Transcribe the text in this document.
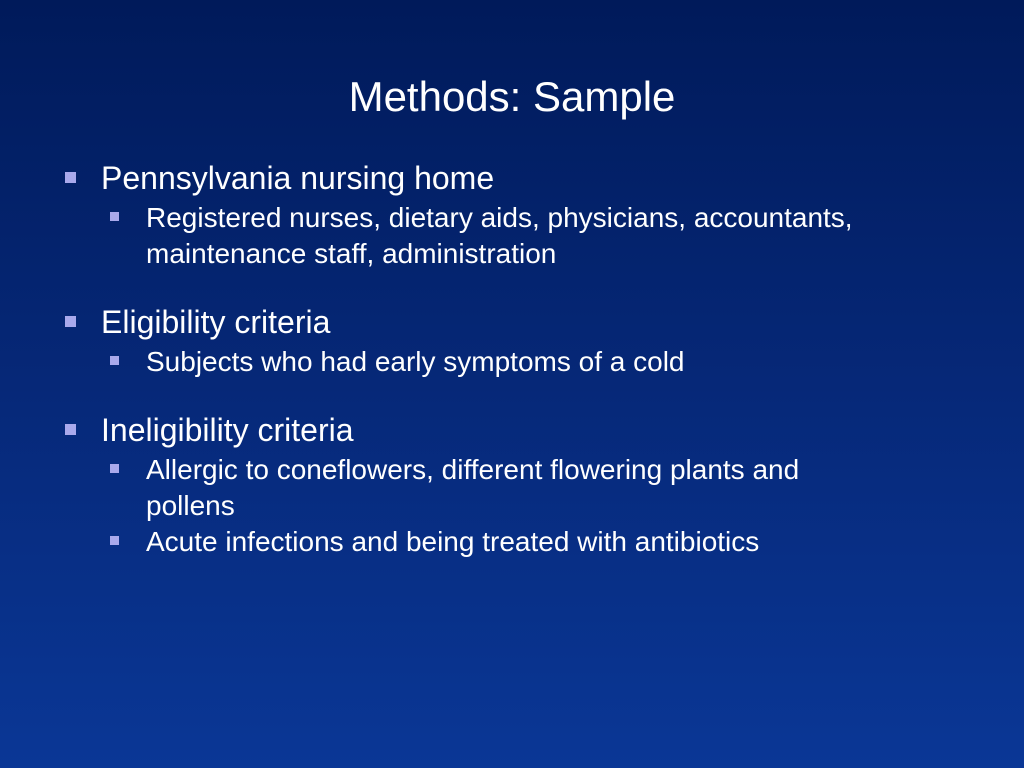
Methods: Sample
Pennsylvania nursing home
Registered nurses, dietary aids, physicians, accountants, maintenance staff, administration
Eligibility criteria
Subjects who had early symptoms of a cold
Ineligibility criteria
Allergic to coneflowers, different flowering plants and pollens
Acute infections and being treated with antibiotics
